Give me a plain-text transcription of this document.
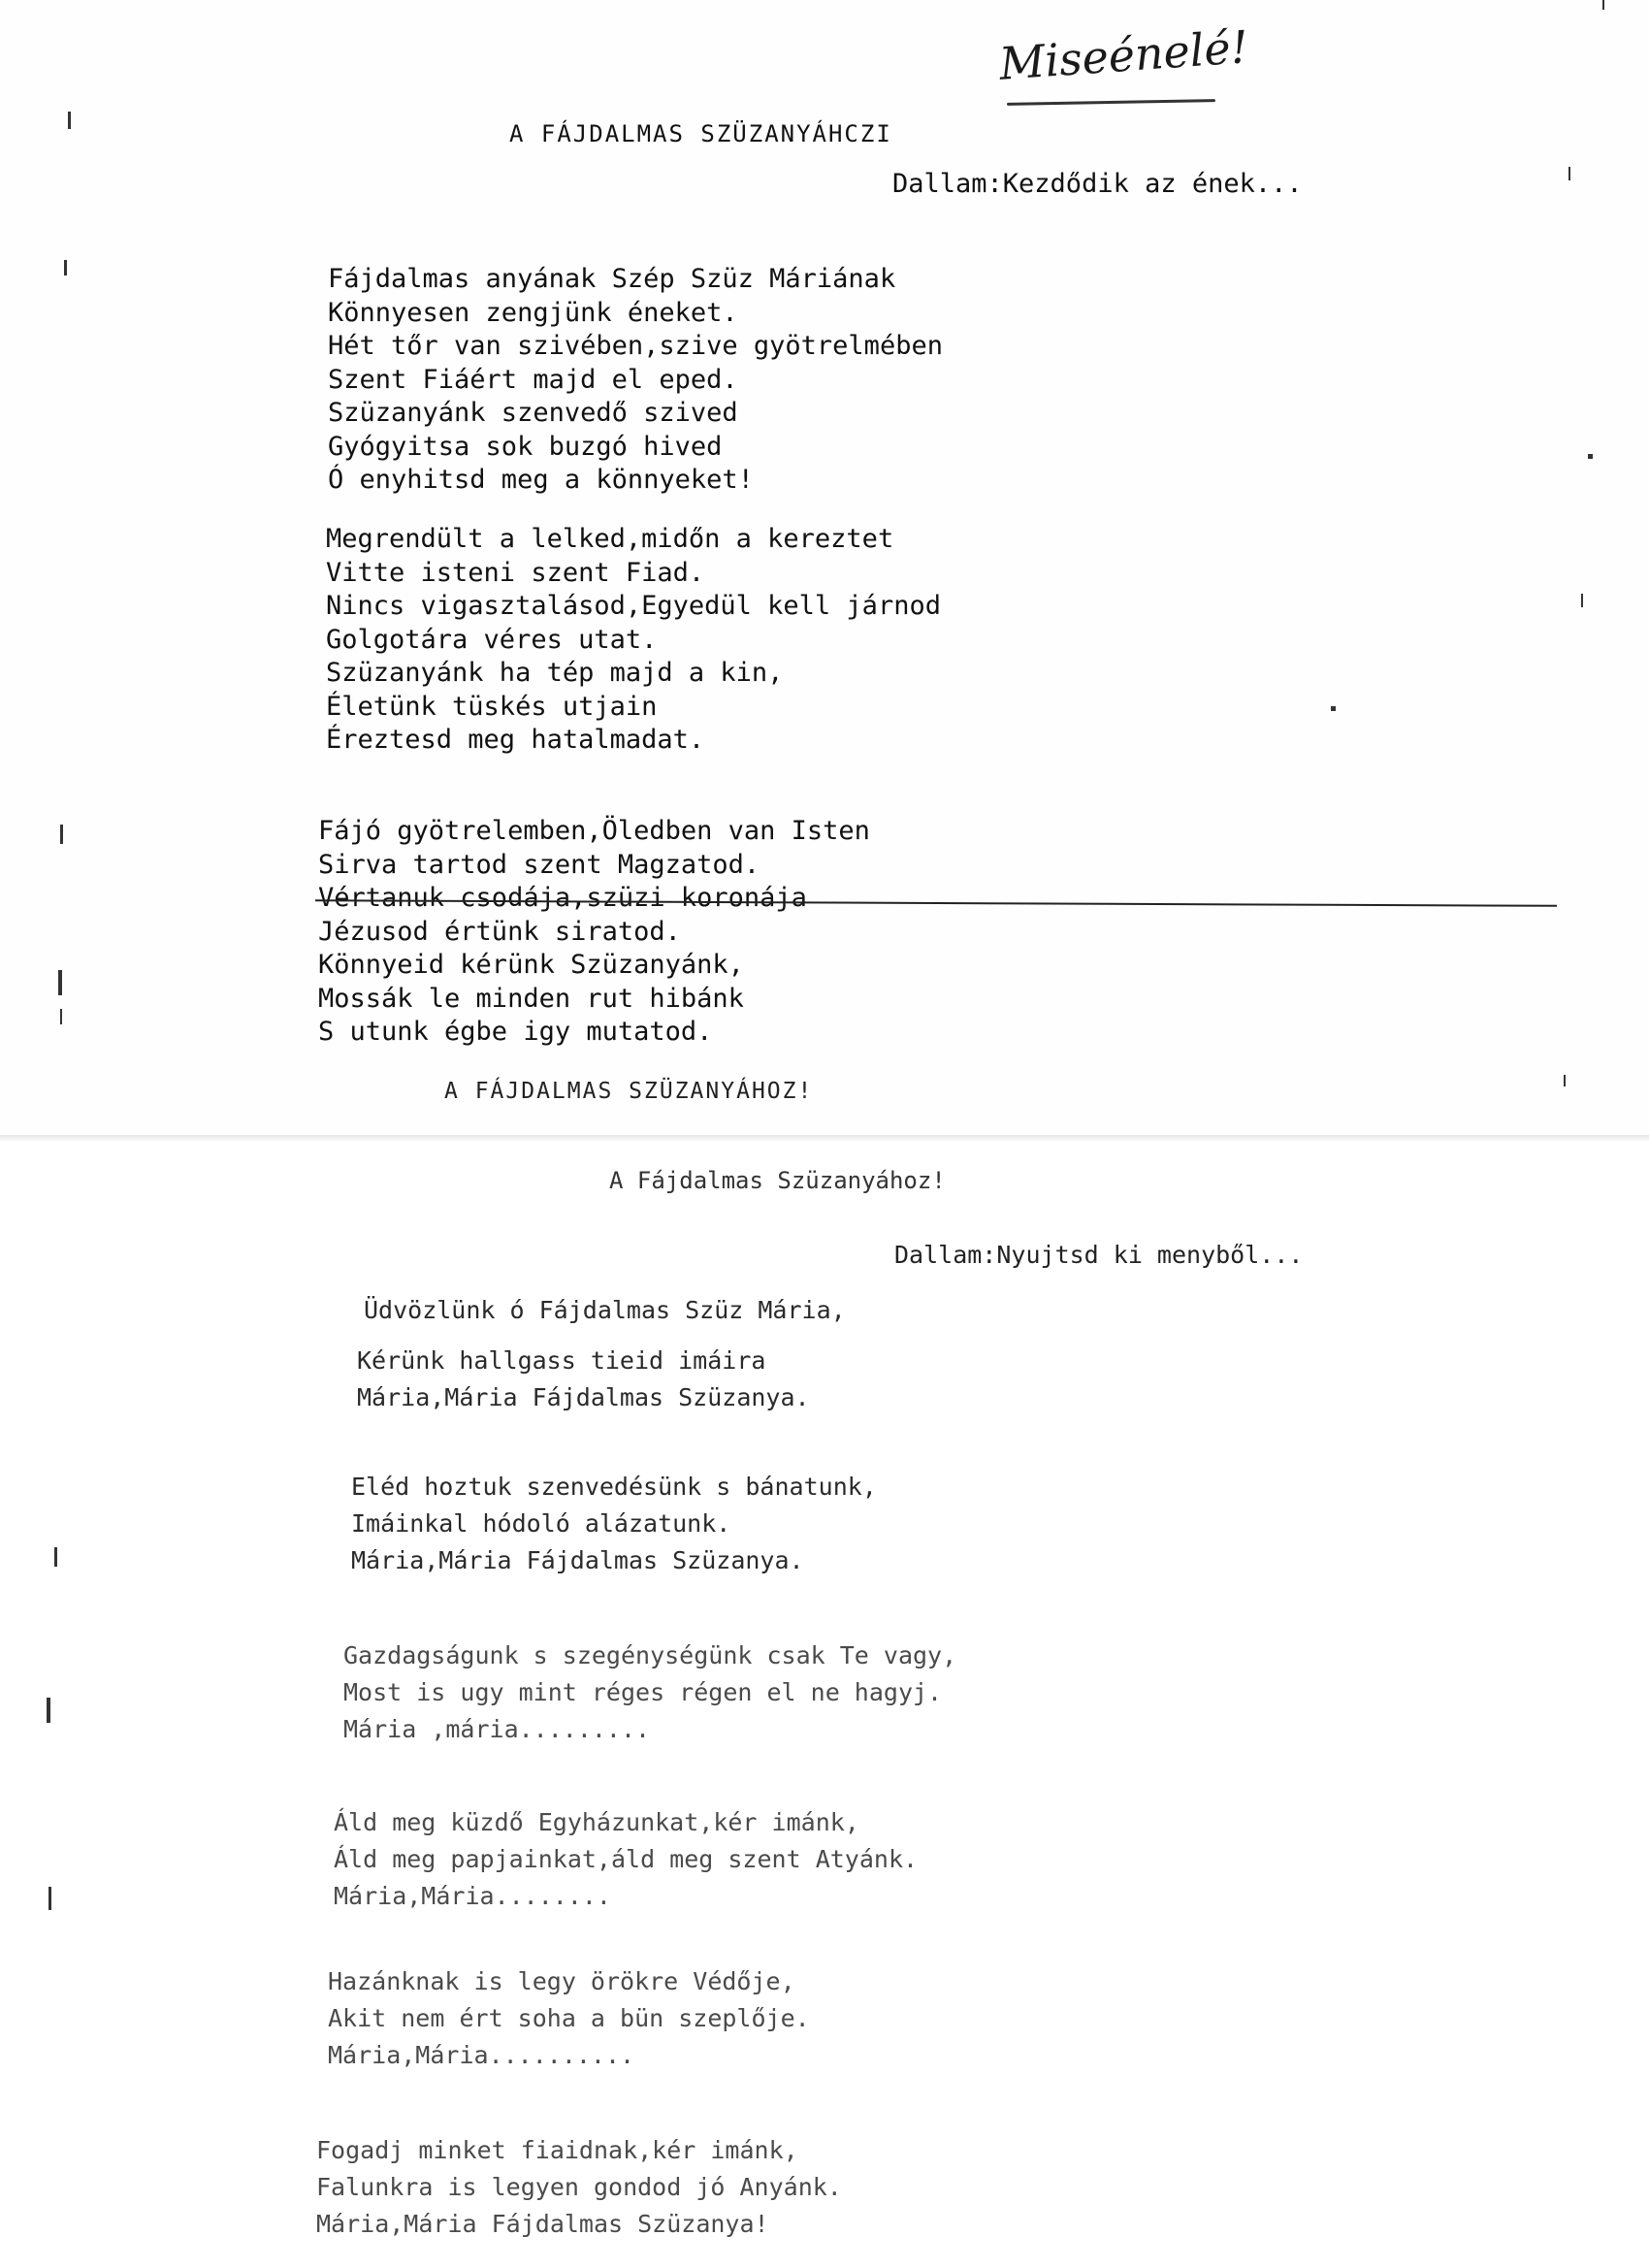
Miseénelé!
A FÁJDALMAS SZÜZANYÁHCZI
Dallam:Kezdődik az ének...
Fájdalmas anyának Szép Szüz Máriának
Könnyesen zengjünk éneket.
Hét tőr van szivében,szive gyötrelmében
Szent Fiáért majd el eped.
Szüzanyánk szenvedő szived
Gyógyitsa sok buzgó hived
Ó enyhitsd meg a könnyeket!
Megrendült a lelked,midőn a kereztet
Vitte isteni szent Fiad.
Nincs vigasztalásod,Egyedül kell járnod
Golgotára véres utat.
Szüzanyánk ha tép majd a kin,
Életünk tüskés utjain
Éreztesd meg hatalmadat.
Fájó gyötrelemben,Öledben van Isten
Sirva tartod szent Magzatod.
Vértanuk csodája,szüzi koronája
Jézusod értünk siratod.
Könnyeid kérünk Szüzanyánk,
Mossák le minden rut hibánk
S utunk égbe igy mutatod.
A FÁJDALMAS SZÜZANYÁHOZ!
A Fájdalmas Szüzanyához!
Dallam:Nyujtsd ki menyből...
Üdvözlünk ó Fájdalmas Szüz Mária,
Kérünk hallgass tieid imáira
Mária,Mária Fájdalmas Szüzanya.
Eléd hoztuk szenvedésünk s bánatunk,
Imáinkal hódoló alázatunk.
Mária,Mária Fájdalmas Szüzanya.
Gazdagságunk s szegénységünk csak Te vagy,
Most is ugy mint réges régen el ne hagyj.
Mária ,mária.........
Áld meg küzdő Egyházunkat,kér imánk,
Áld meg papjainkat,áld meg szent Atyánk.
Mária,Mária........
Hazánknak is legy örökre Védője,
Akit nem ért soha a bün szeplője.
Mária,Mária..........
Fogadj minket fiaidnak,kér imánk,
Falunkra is legyen gondod jó Anyánk.
Mária,Mária Fájdalmas Szüzanya!
